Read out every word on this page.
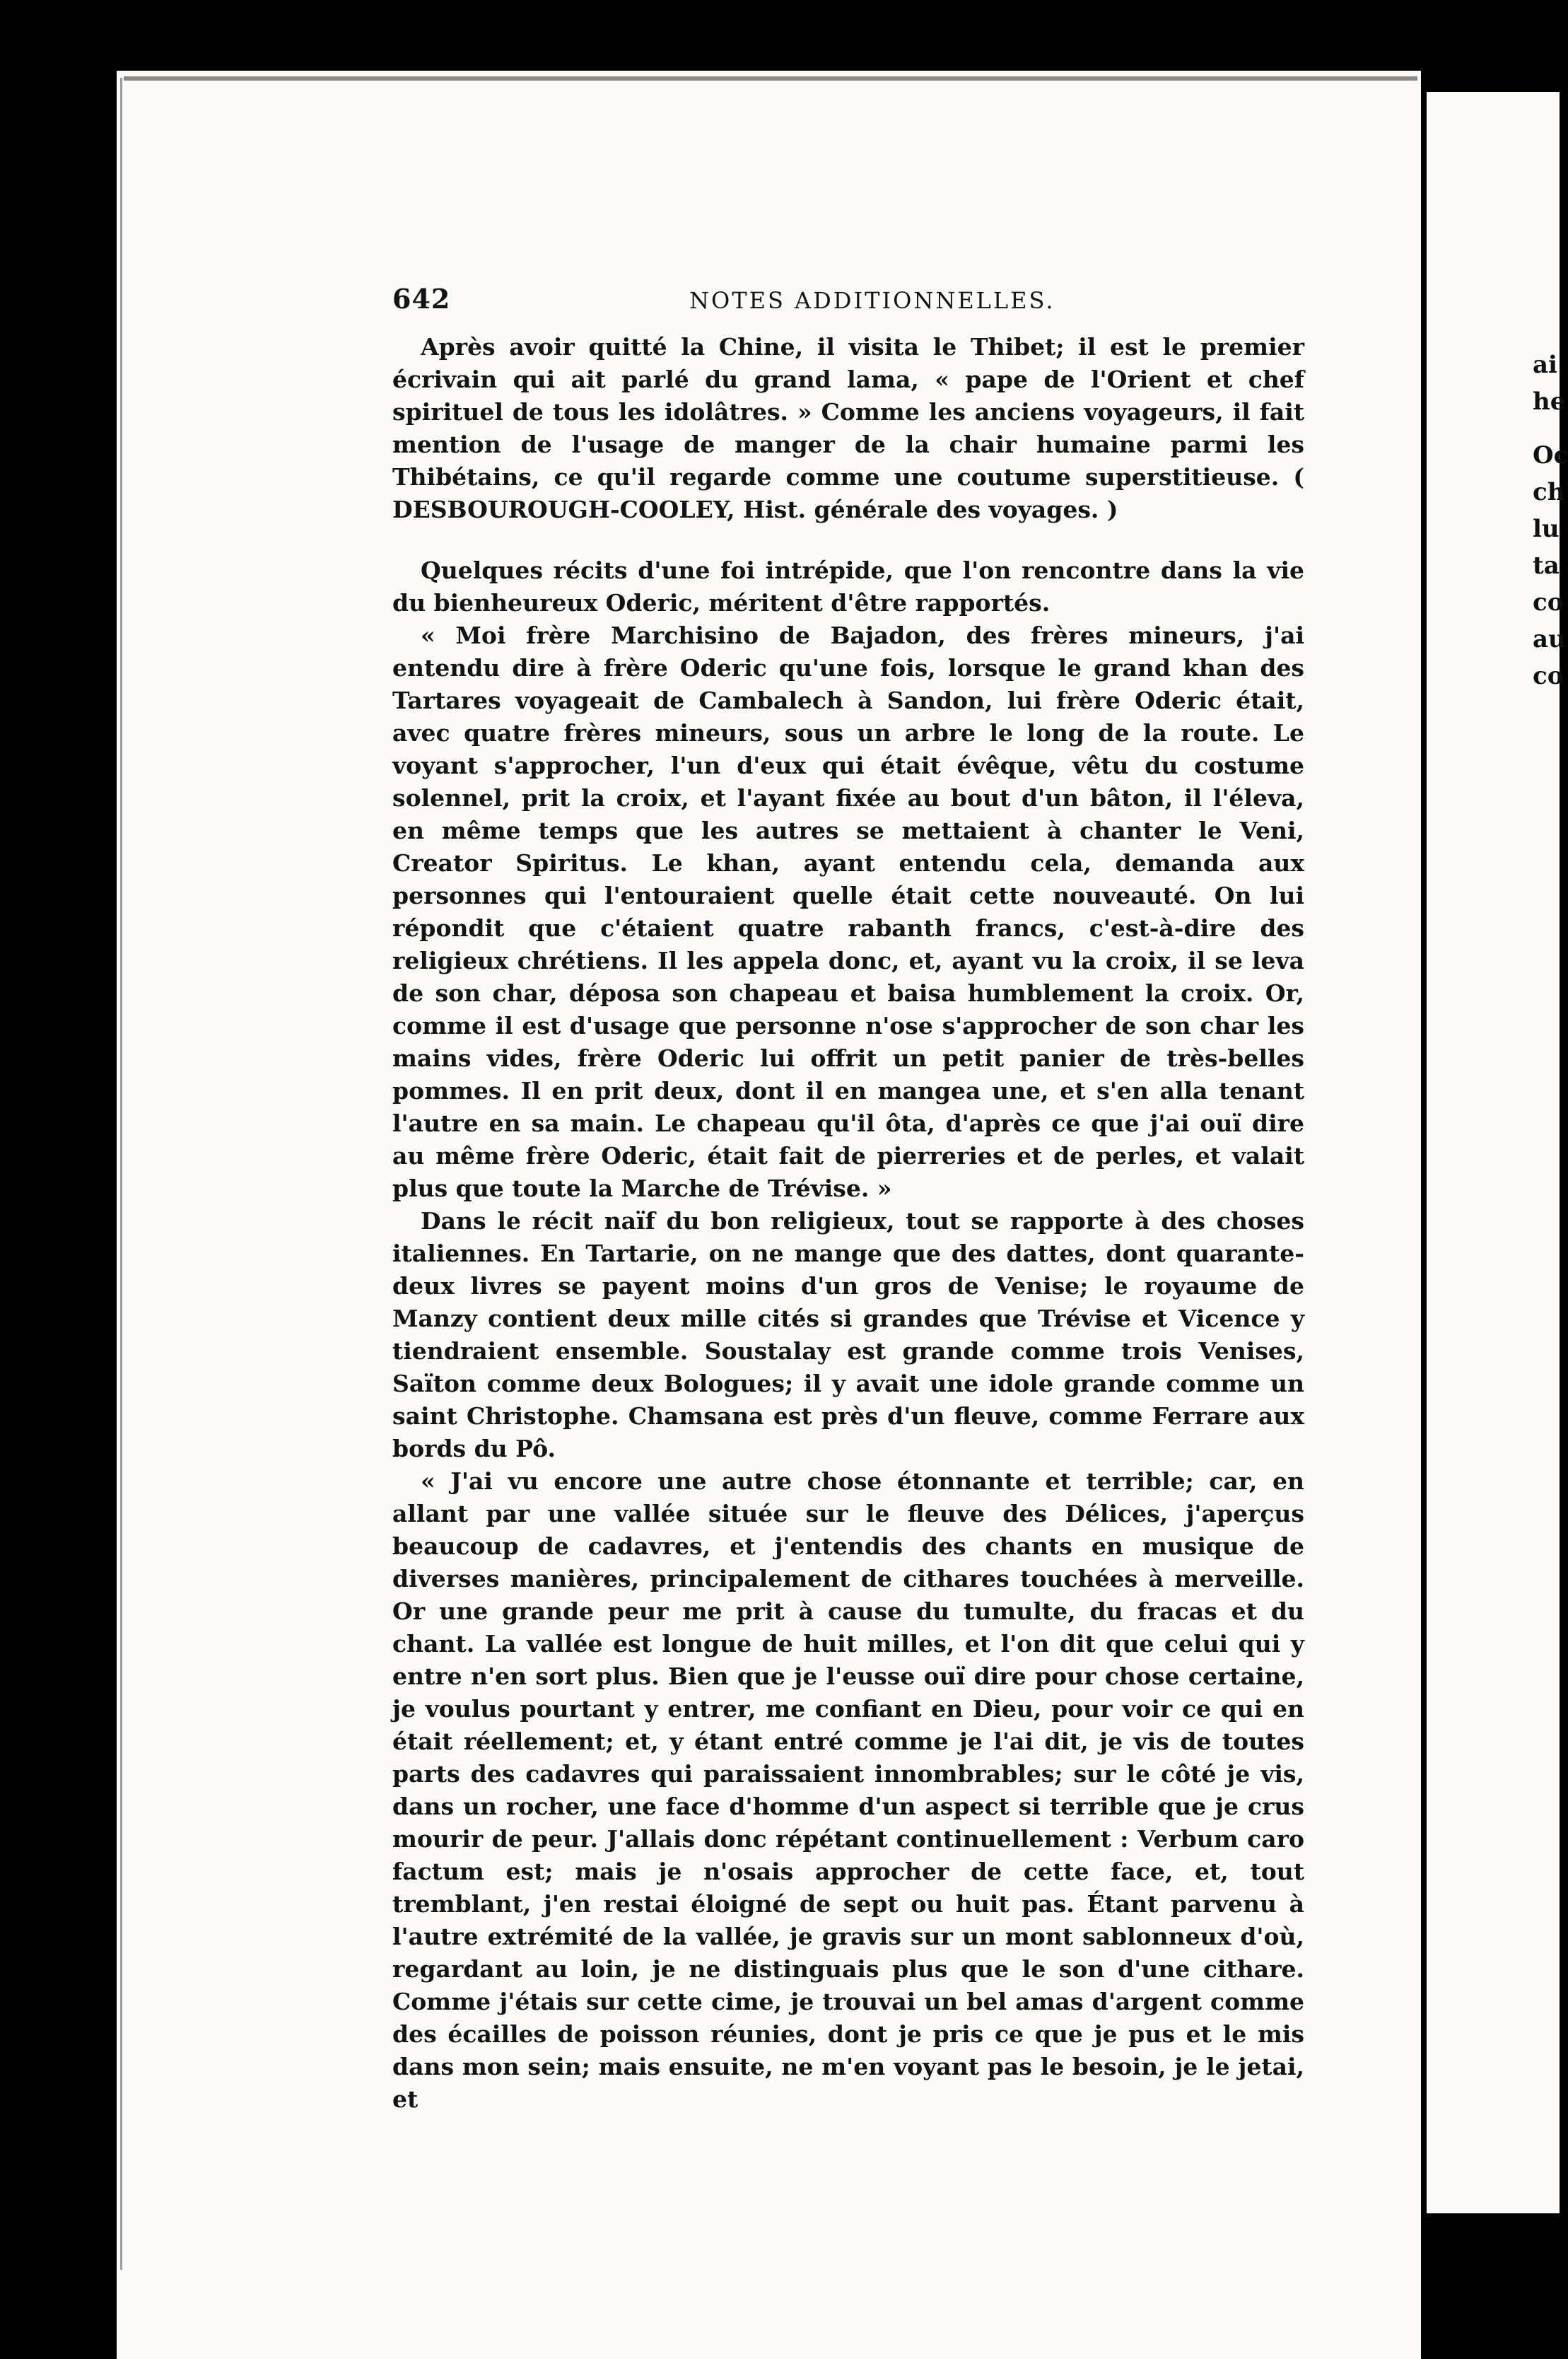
ai
he
Oc
ch
lu
ta
co
au
co
642	NOTES ADDITIONNELLES.

Après avoir quitté la Chine, il visita le Thibet; il est le premier écrivain qui ait parlé du grand lama, « pape de l'Orient et chef spirituel de tous les idolâtres. » Comme les anciens voyageurs, il fait mention de l'usage de manger de la chair humaine parmi les Thibétains, ce qu'il regarde comme une coutume superstitieuse. ( DESBOUROUGH-COOLEY, Hist. générale des voyages. )

Quelques récits d'une foi intrépide, que l'on rencontre dans la vie du bienheureux Oderic, méritent d'être rapportés.

« Moi frère Marchisino de Bajadon, des frères mineurs, j'ai entendu dire à frère Oderic qu'une fois, lorsque le grand khan des Tartares voyageait de Cambalech à Sandon, lui frère Oderic était, avec quatre frères mineurs, sous un arbre le long de la route. Le voyant s'approcher, l'un d'eux qui était évêque, vêtu du costume solennel, prit la croix, et l'ayant fixée au bout d'un bâton, il l'éleva, en même temps que les autres se mettaient à chanter le Veni, Creator Spiritus. Le khan, ayant entendu cela, demanda aux personnes qui l'entouraient quelle était cette nouveauté. On lui répondit que c'étaient quatre rabanth francs, c'est-à-dire des religieux chrétiens. Il les appela donc, et, ayant vu la croix, il se leva de son char, déposa son chapeau et baisa humblement la croix. Or, comme il est d'usage que personne n'ose s'approcher de son char les mains vides, frère Oderic lui offrit un petit panier de très-belles pommes. Il en prit deux, dont il en mangea une, et s'en alla tenant l'autre en sa main. Le chapeau qu'il ôta, d'après ce que j'ai ouï dire au même frère Oderic, était fait de pierreries et de perles, et valait plus que toute la Marche de Trévise. »

Dans le récit naïf du bon religieux, tout se rapporte à des choses italiennes. En Tartarie, on ne mange que des dattes, dont quarante-deux livres se payent moins d'un gros de Venise; le royaume de Manzy contient deux mille cités si grandes que Trévise et Vicence y tiendraient ensemble. Soustalay est grande comme trois Venises, Saïton comme deux Bologues; il y avait une idole grande comme un saint Christophe. Chamsana est près d'un fleuve, comme Ferrare aux bords du Pô.

« J'ai vu encore une autre chose étonnante et terrible; car, en allant par une vallée située sur le fleuve des Délices, j'aperçus beaucoup de cadavres, et j'entendis des chants en musique de diverses manières, principalement de cithares touchées à merveille. Or une grande peur me prit à cause du tumulte, du fracas et du chant. La vallée est longue de huit milles, et l'on dit que celui qui y entre n'en sort plus. Bien que je l'eusse ouï dire pour chose certaine, je voulus pourtant y entrer, me confiant en Dieu, pour voir ce qui en était réellement; et, y étant entré comme je l'ai dit, je vis de toutes parts des cadavres qui paraissaient innombrables; sur le côté je vis, dans un rocher, une face d'homme d'un aspect si terrible que je crus mourir de peur. J'allais donc répétant continuellement : Verbum caro factum est; mais je n'osais approcher de cette face, et, tout tremblant, j'en restai éloigné de sept ou huit pas. Étant parvenu à l'autre extrémité de la vallée, je gravis sur un mont sablonneux d'où, regardant au loin, je ne distinguais plus que le son d'une cithare. Comme j'étais sur cette cime, je trouvai un bel amas d'argent comme des écailles de poisson réunies, dont je pris ce que je pus et le mis dans mon sein; mais ensuite, ne m'en voyant pas le besoin, je le jetai, et
